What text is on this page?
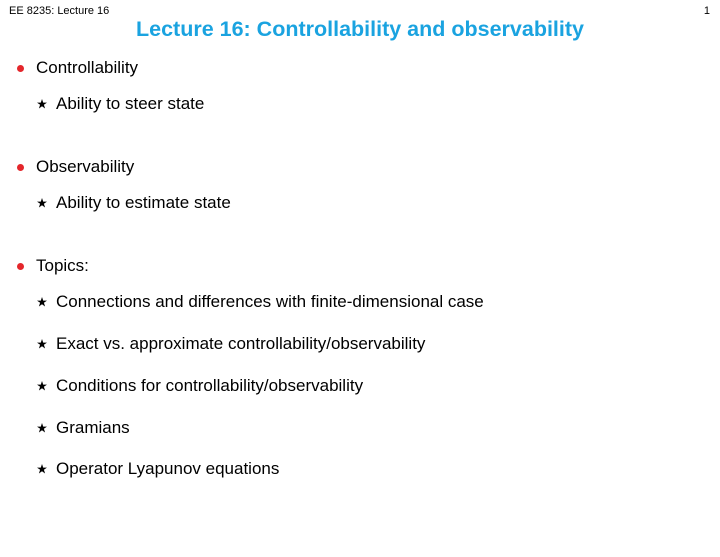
EE 8235: Lecture 16	1
Lecture 16: Controllability and observability
Controllability
Ability to steer state
Observability
Ability to estimate state
Topics:
Connections and differences with finite-dimensional case
Exact vs. approximate controllability/observability
Conditions for controllability/observability
Gramians
Operator Lyapunov equations
